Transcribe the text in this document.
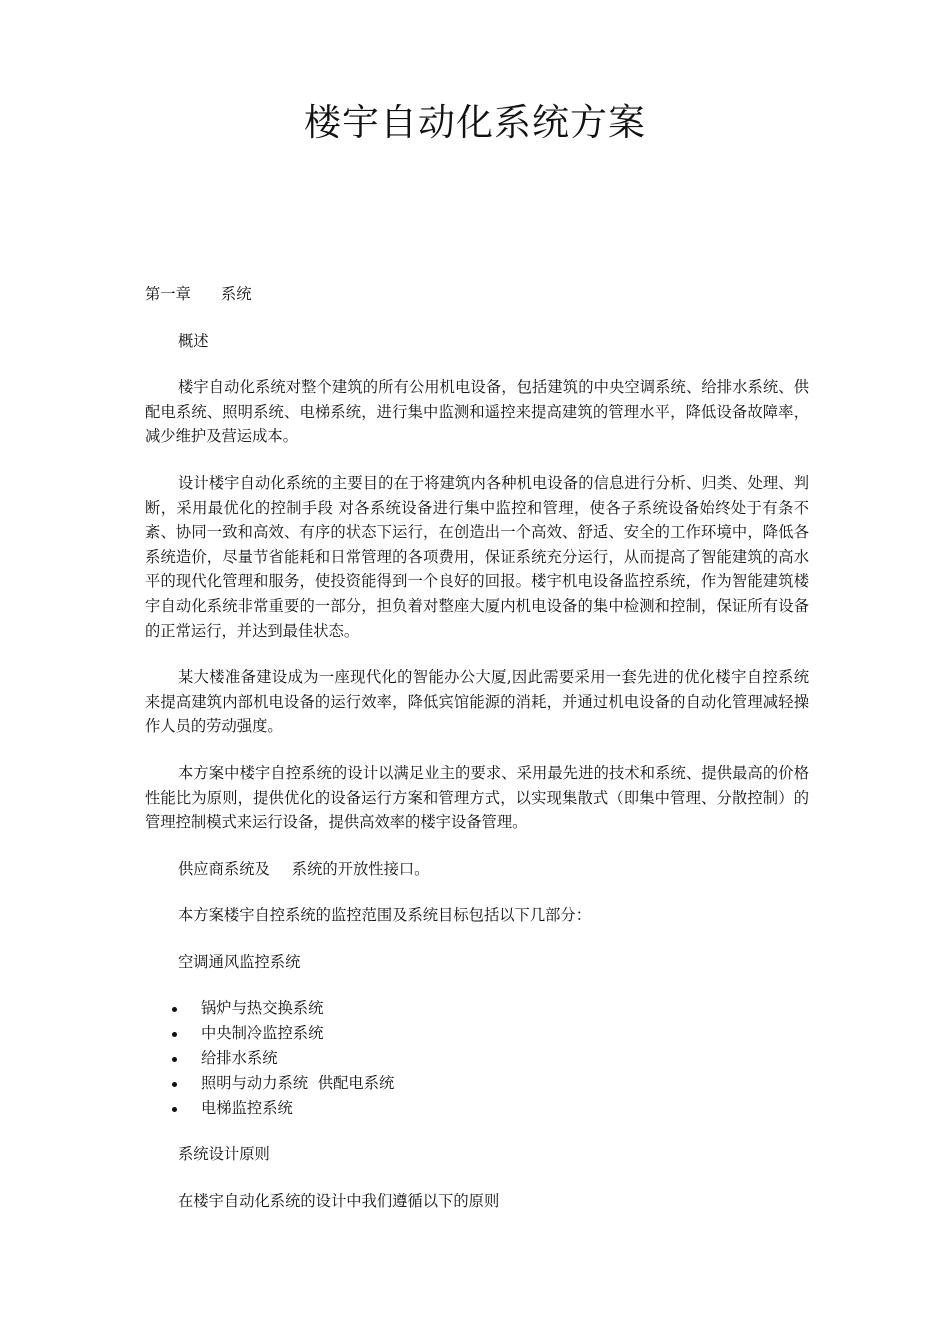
楼宇自动化系统方案

第一章 系统

概述

楼宇自动化系统对整个建筑的所有公用机电设备，包括建筑的中央空调系统、给排水系统、供配电系统、照明系统、电梯系统，进行集中监测和遥控来提高建筑的管理水平，降低设备故障率，减少维护及营运成本。

设计楼宇自动化系统的主要目的在于将建筑内各种机电设备的信息进行分析、归类、处理、判断，采用最优化的控制手段 对各系统设备进行集中监控和管理，使各子系统设备始终处于有条不紊、协同一致和高效、有序的状态下运行，在创造出一个高效、舒适、安全的工作环境中，降低各系统造价，尽量节省能耗和日常管理的各项费用，保证系统充分运行，从而提高了智能建筑的高水平的现代化管理和服务，使投资能得到一个良好的回报。楼宇机电设备监控系统，作为智能建筑楼宇自动化系统非常重要的一部分，担负着对整座大厦内机电设备的集中检测和控制，保证所有设备的正常运行，并达到最佳状态。

某大楼准备建设成为一座现代化的智能办公大厦,因此需要采用一套先进的优化楼宇自控系统来提高建筑内部机电设备的运行效率，降低宾馆能源的消耗，并通过机电设备的自动化管理减轻操作人员的劳动强度。

本方案中楼宇自控系统的设计以满足业主的要求、采用最先进的技术和系统、提供最高的价格性能比为原则，提供优化的设备运行方案和管理方式，以实现集散式（即集中管理、分散控制）的管理控制模式来运行设备，提供高效率的楼宇设备管理。

供应商系统及 系统的开放性接口。

本方案楼宇自控系统的监控范围及系统目标包括以下几部分：

空调通风监控系统

锅炉与热交换系统
中央制冷监控系统
给排水系统
照明与动力系统  供配电系统
电梯监控系统

系统设计原则

在楼宇自动化系统的设计中我们遵循以下的原则
